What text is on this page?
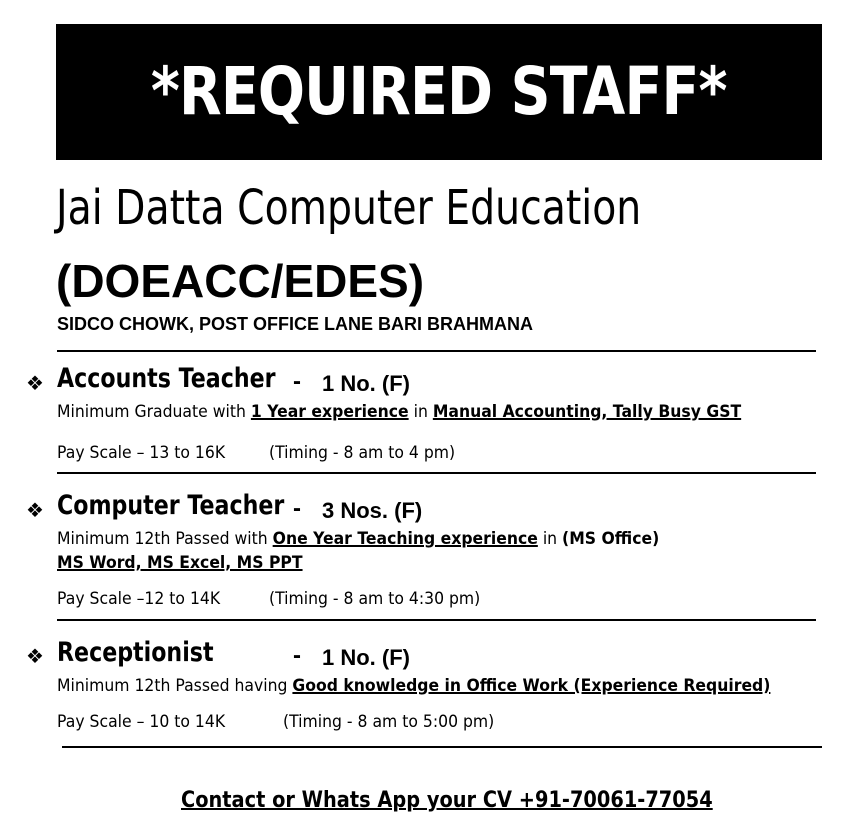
*REQUIRED STAFF*
Jai Datta Computer Education
(DOEACC/EDES)
SIDCO CHOWK, POST OFFICE LANE BARI BRAHMANA
❖ Accounts Teacher - 1 No. (F)
Minimum Graduate with 1 Year experience in Manual Accounting, Tally Busy GST
Pay Scale – 13 to 16K	(Timing - 8 am to 4 pm)
❖ Computer Teacher - 3 Nos. (F)
Minimum 12th Passed with One Year Teaching experience in (MS Office)
MS Word, MS Excel, MS PPT
Pay Scale –12 to 14K	(Timing - 8 am to 4:30 pm)
❖ Receptionist	- 1 No. (F)
Minimum 12th Passed having Good knowledge in Office Work (Experience Required)
Pay Scale – 10 to 14K	(Timing - 8 am to 5:00 pm)
Contact or Whats App your CV +91-70061-77054
